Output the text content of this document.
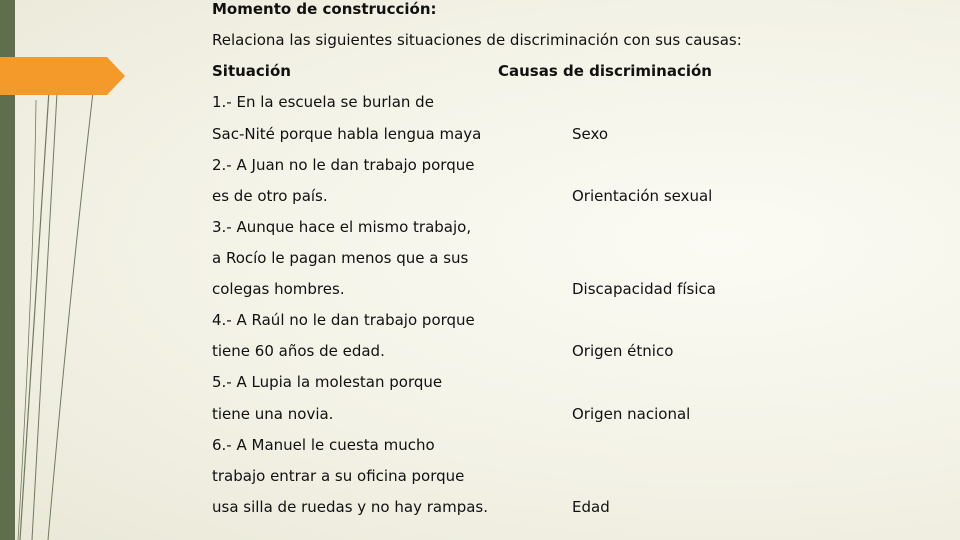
Momento de construcción:
Relaciona las siguientes situaciones de discriminación con sus causas:
Situación	Causas de discriminación
1.- En la escuela se burlan de
Sac-Nité porque habla lengua maya
2.- A Juan no le dan trabajo porque
es de otro país.
3.- Aunque hace el mismo trabajo,
a Rocío le pagan menos que a sus
colegas hombres.
4.- A Raúl no le dan trabajo porque
tiene 60 años de edad.
5.- A Lupia la molestan porque
tiene una novia.
6.- A Manuel le cuesta mucho
trabajo entrar a su oficina porque
usa silla de ruedas y no hay rampas.
Sexo
Orientación sexual
Discapacidad física
Origen étnico
Origen nacional
Edad
